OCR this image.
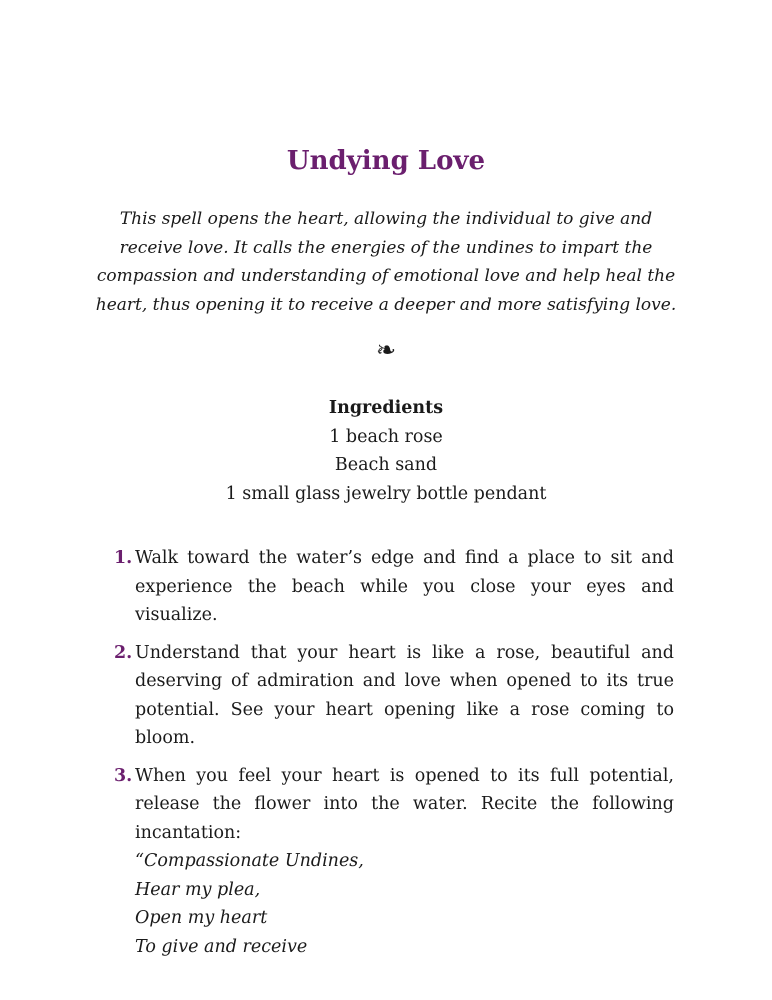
Undying Love

This spell opens the heart, allowing the individual to give and receive love. It calls the energies of the undines to impart the compassion and understanding of emotional love and help heal the heart, thus opening it to receive a deeper and more satisfying love.

❧
Ingredients
1 beach rose
Beach sand
1 small glass jewelry bottle pendant
1. Walk toward the water’s edge and find a place to sit and experience the beach while you close your eyes and visualize.
2. Understand that your heart is like a rose, beautiful and deserving of admiration and love when opened to its true potential. See your heart opening like a rose coming to bloom.
3. When you feel your heart is opened to its full potential, release the flower into the water. Recite the following incantation:
“Compassionate Undines,
Hear my plea,
Open my heart
To give and receive
